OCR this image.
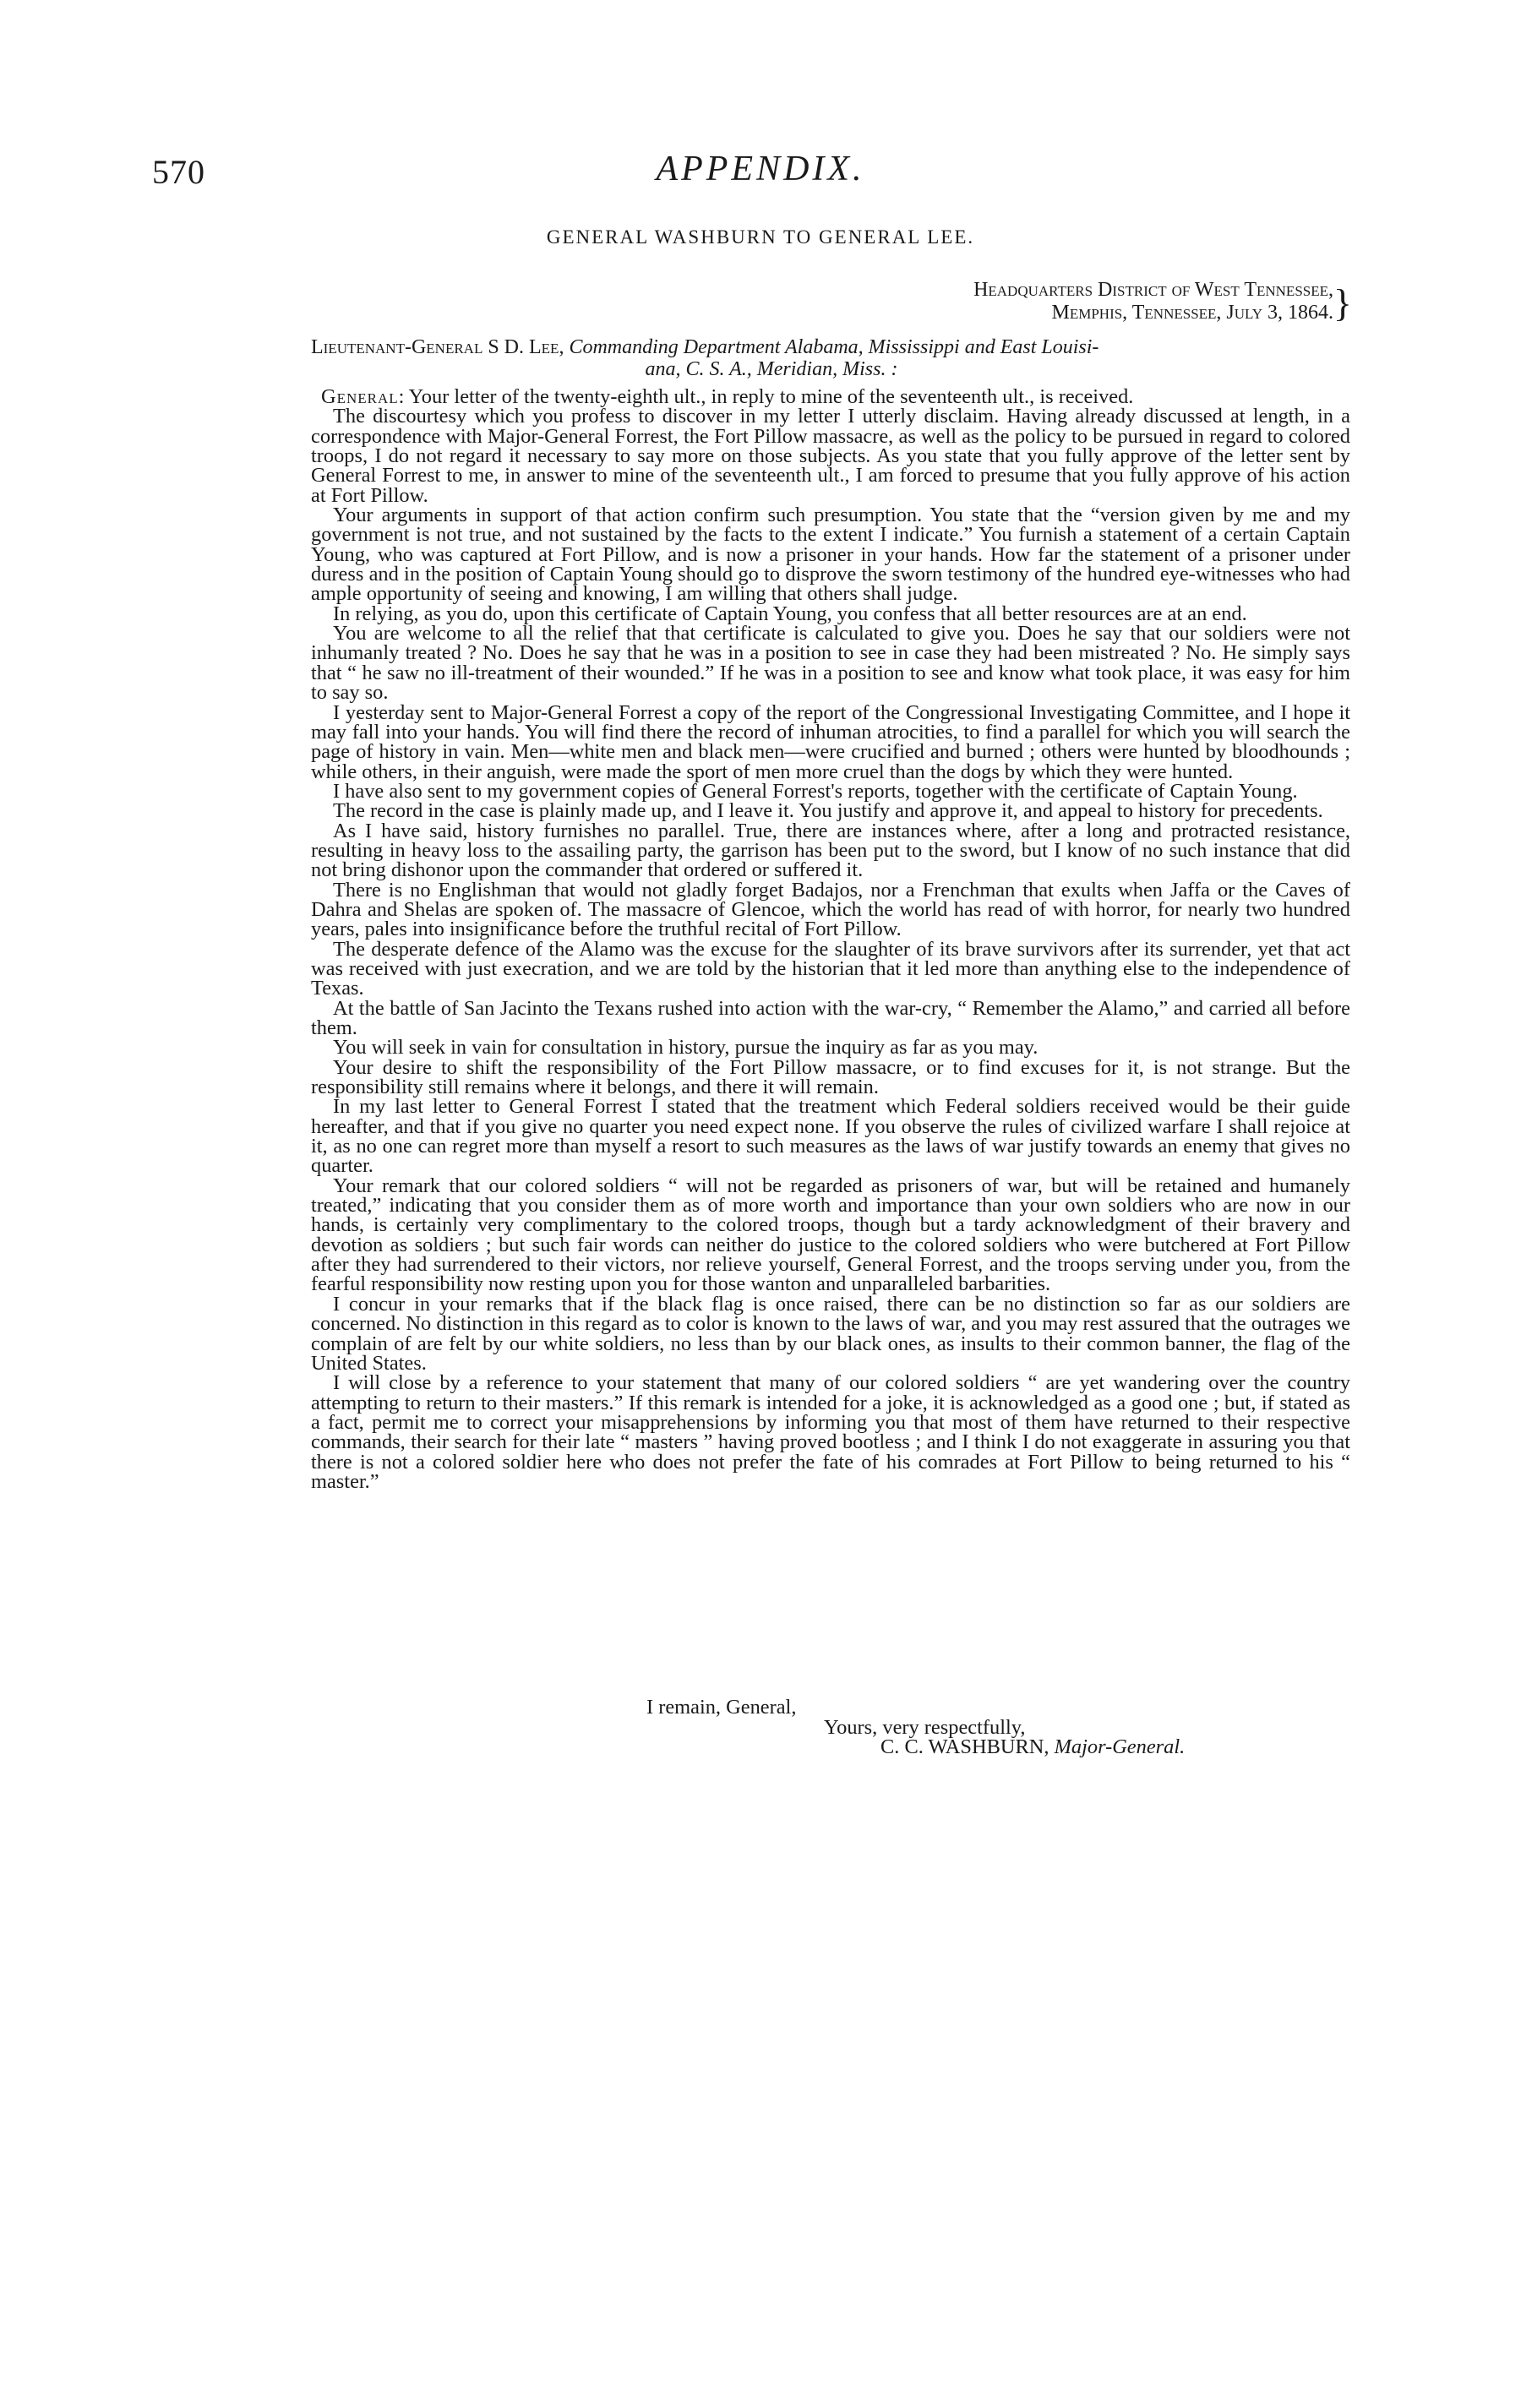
570	APPENDIX.
GENERAL WASHBURN TO GENERAL LEE.
Headquarters District of West Tennessee,
Memphis, Tennessee, July 3, 1864. }
Lieutenant-General S D. Lee, Commanding Department Alabama, Mississippi and East Louisi-
ana, C. S. A., Meridian, Miss. :

General: Your letter of the twenty-eighth ult., in reply to mine of the seventeenth ult., is received.

The discourtesy which you profess to discover in my letter I utterly disclaim. Having already discussed at length, in a correspondence with Major-General Forrest, the Fort Pillow massacre, as well as the policy to be pursued in regard to colored troops, I do not regard it necessary to say more on those subjects. As you state that you fully approve of the letter sent by General Forrest to me, in answer to mine of the seventeenth ult., I am forced to presume that you fully approve of his action at Fort Pillow.

Your arguments in support of that action confirm such presumption. You state that the “version given by me and my government is not true, and not sustained by the facts to the extent I indicate.” You furnish a statement of a certain Captain Young, who was captured at Fort Pillow, and is now a prisoner in your hands. How far the statement of a prisoner under duress and in the position of Captain Young should go to disprove the sworn testimony of the hundred eye-witnesses who had ample opportunity of seeing and knowing, I am willing that others shall judge.

In relying, as you do, upon this certificate of Captain Young, you confess that all better resources are at an end.

You are welcome to all the relief that that certificate is calculated to give you. Does he say that our soldiers were not inhumanly treated ? No. Does he say that he was in a position to see in case they had been mistreated ? No. He simply says that “ he saw no ill-treatment of their wounded.” If he was in a position to see and know what took place, it was easy for him to say so.

I yesterday sent to Major-General Forrest a copy of the report of the Congressional Investigating Committee, and I hope it may fall into your hands. You will find there the record of inhuman atrocities, to find a parallel for which you will search the page of history in vain. Men—white men and black men—were crucified and burned ; others were hunted by bloodhounds ; while others, in their anguish, were made the sport of men more cruel than the dogs by which they were hunted.

I have also sent to my government copies of General Forrest's reports, together with the certificate of Captain Young.

The record in the case is plainly made up, and I leave it. You justify and approve it, and appeal to history for precedents.

As I have said, history furnishes no parallel. True, there are instances where, after a long and protracted resistance, resulting in heavy loss to the assailing party, the garrison has been put to the sword, but I know of no such instance that did not bring dishonor upon the commander that ordered or suffered it.

There is no Englishman that would not gladly forget Badajos, nor a Frenchman that exults when Jaffa or the Caves of Dahra and Shelas are spoken of. The massacre of Glencoe, which the world has read of with horror, for nearly two hundred years, pales into insignificance before the truthful recital of Fort Pillow.

The desperate defence of the Alamo was the excuse for the slaughter of its brave survivors after its surrender, yet that act was received with just execration, and we are told by the historian that it led more than anything else to the independence of Texas.

At the battle of San Jacinto the Texans rushed into action with the war-cry, “ Remember the Alamo,” and carried all before them.

You will seek in vain for consultation in history, pursue the inquiry as far as you may.

Your desire to shift the responsibility of the Fort Pillow massacre, or to find excuses for it, is not strange. But the responsibility still remains where it belongs, and there it will remain.

In my last letter to General Forrest I stated that the treatment which Federal soldiers received would be their guide hereafter, and that if you give no quarter you need expect none. If you observe the rules of civilized warfare I shall rejoice at it, as no one can regret more than myself a resort to such measures as the laws of war justify towards an enemy that gives no quarter.

Your remark that our colored soldiers “ will not be regarded as prisoners of war, but will be retained and humanely treated,” indicating that you consider them as of more worth and importance than your own soldiers who are now in our hands, is certainly very complimentary to the colored troops, though but a tardy acknowledgment of their bravery and devotion as soldiers ; but such fair words can neither do justice to the colored soldiers who were butchered at Fort Pillow after they had surrendered to their victors, nor relieve yourself, General Forrest, and the troops serving under you, from the fearful responsibility now resting upon you for those wanton and unparalleled barbarities.

I concur in your remarks that if the black flag is once raised, there can be no distinction so far as our soldiers are concerned. No distinction in this regard as to color is known to the laws of war, and you may rest assured that the outrages we complain of are felt by our white soldiers, no less than by our black ones, as insults to their common banner, the flag of the United States.

I will close by a reference to your statement that many of our colored soldiers “ are yet wandering over the country attempting to return to their masters.” If this remark is intended for a joke, it is acknowledged as a good one ; but, if stated as a fact, permit me to correct your misapprehensions by informing you that most of them have returned to their respective commands, their search for their late “ masters ” having proved bootless ; and I think I do not exaggerate in assuring you that there is not a colored soldier here who does not prefer the fate of his comrades at Fort Pillow to being returned to his “ master.”

I remain, General,
Yours, very respectfully,
C. C. WASHBURN, Major-General.
